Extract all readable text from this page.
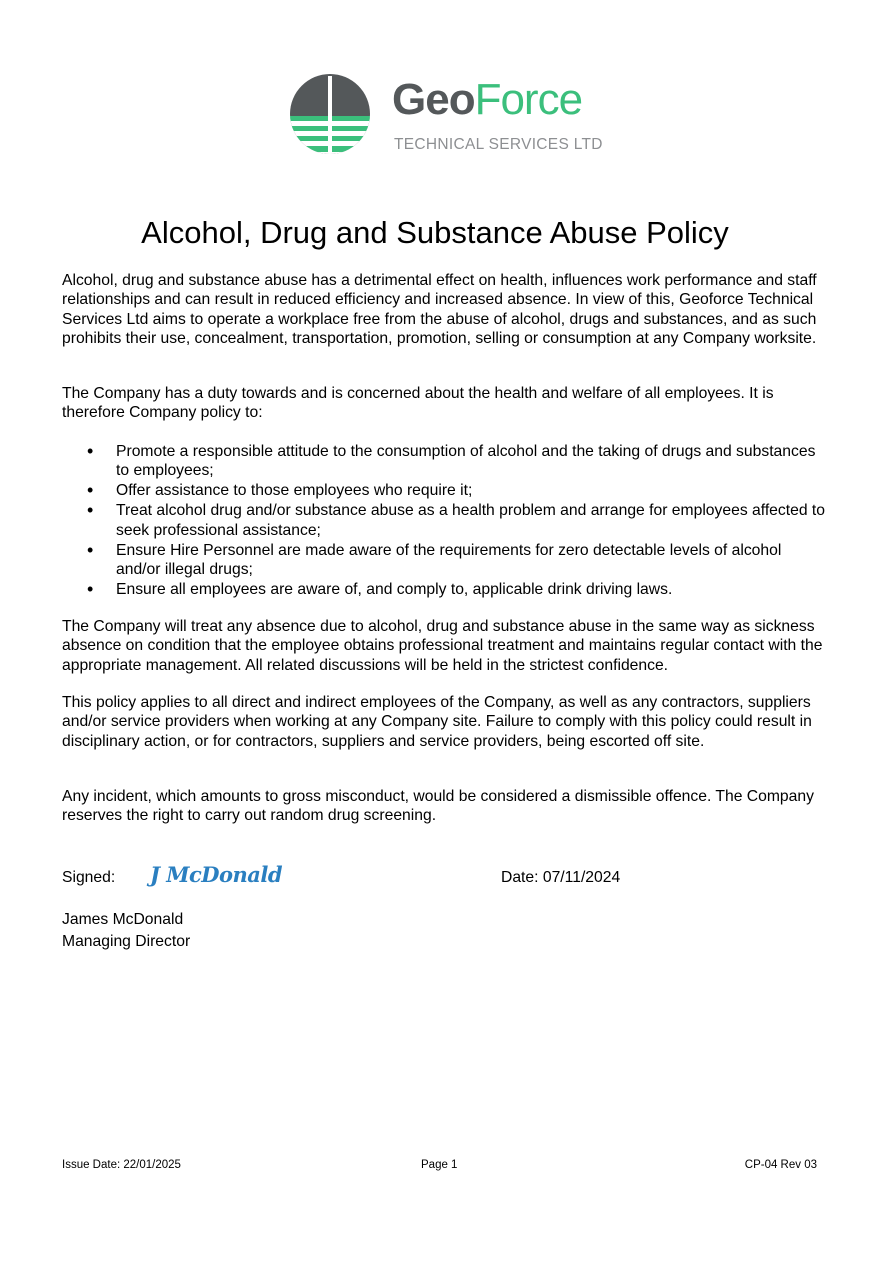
GeoForce
TECHNICAL SERVICES LTD
Alcohol, Drug and Substance Abuse Policy

Alcohol, drug and substance abuse has a detrimental effect on health, influences work performance and staff relationships and can result in reduced efficiency and increased absence. In view of this, Geoforce Technical Services Ltd aims to operate a workplace free from the abuse of alcohol, drugs and substances, and as such prohibits their use, concealment, transportation, promotion, selling or consumption at any Company worksite.

The Company has a duty towards and is concerned about the health and welfare of all employees. It is therefore Company policy to:

• Promote a responsible attitude to the consumption of alcohol and the taking of drugs and substances to employees;
• Offer assistance to those employees who require it;
• Treat alcohol drug and/or substance abuse as a health problem and arrange for employees affected to seek professional assistance;
• Ensure Hire Personnel are made aware of the requirements for zero detectable levels of alcohol and/or illegal drugs;
• Ensure all employees are aware of, and comply to, applicable drink driving laws.

The Company will treat any absence due to alcohol, drug and substance abuse in the same way as sickness absence on condition that the employee obtains professional treatment and maintains regular contact with the appropriate management. All related discussions will be held in the strictest confidence.

This policy applies to all direct and indirect employees of the Company, as well as any contractors, suppliers and/or service providers when working at any Company site. Failure to comply with this policy could result in disciplinary action, or for contractors, suppliers and service providers, being escorted off site.

Any incident, which amounts to gross misconduct, would be considered a dismissible offence. The Company reserves the right to carry out random drug screening.

Signed: J McDonald	Date: 07/11/2024
James McDonald
Managing Director
Issue Date: 22/01/2025	Page 1	CP-04 Rev 03
